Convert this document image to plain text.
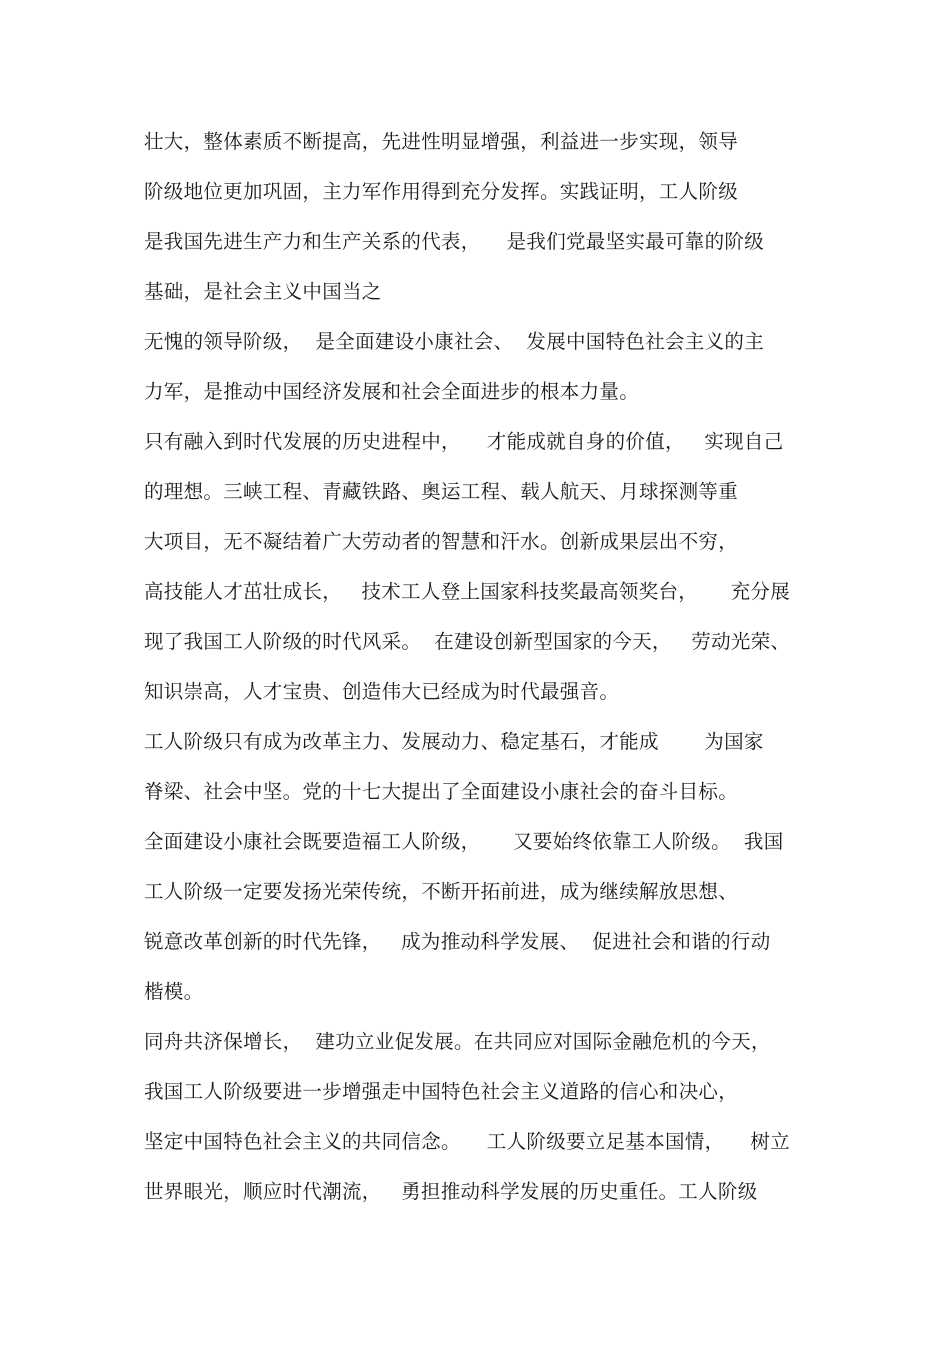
壮大，整体素质不断提高，先进性明显增强，利益进一步实现，领导
阶级地位更加巩固，主力军作用得到充分发挥。实践证明，工人阶级
是我国先进生产力和生产关系的代表，    是我们党最坚实最可靠的阶级
基础，是社会主义中国当之
无愧的领导阶级，  是全面建设小康社会、  发展中国特色社会主义的主
力军，是推动中国经济发展和社会全面进步的根本力量。
只有融入到时代发展的历史进程中，    才能成就自身的价值，   实现自己
的理想。三峡工程、青藏铁路、奥运工程、载人航天、月球探测等重
大项目，无不凝结着广大劳动者的智慧和汗水。创新成果层出不穷，
高技能人才茁壮成长，   技术工人登上国家科技奖最高领奖台，     充分展
现了我国工人阶级的时代风采。  在建设创新型国家的今天，   劳动光荣、
知识崇高，人才宝贵、创造伟大已经成为时代最强音。
工人阶级只有成为改革主力、发展动力、稳定基石，才能成       为国家
脊梁、社会中坚。党的十七大提出了全面建设小康社会的奋斗目标。
全面建设小康社会既要造福工人阶级，     又要始终依靠工人阶级。  我国
工人阶级一定要发扬光荣传统，不断开拓前进，成为继续解放思想、
锐意改革创新的时代先锋，   成为推动科学发展、  促进社会和谐的行动
楷模。
同舟共济保增长，  建功立业促发展。在共同应对国际金融危机的今天，
我国工人阶级要进一步增强走中国特色社会主义道路的信心和决心，
坚定中国特色社会主义的共同信念。    工人阶级要立足基本国情，    树立
世界眼光，顺应时代潮流，   勇担推动科学发展的历史重任。工人阶级
